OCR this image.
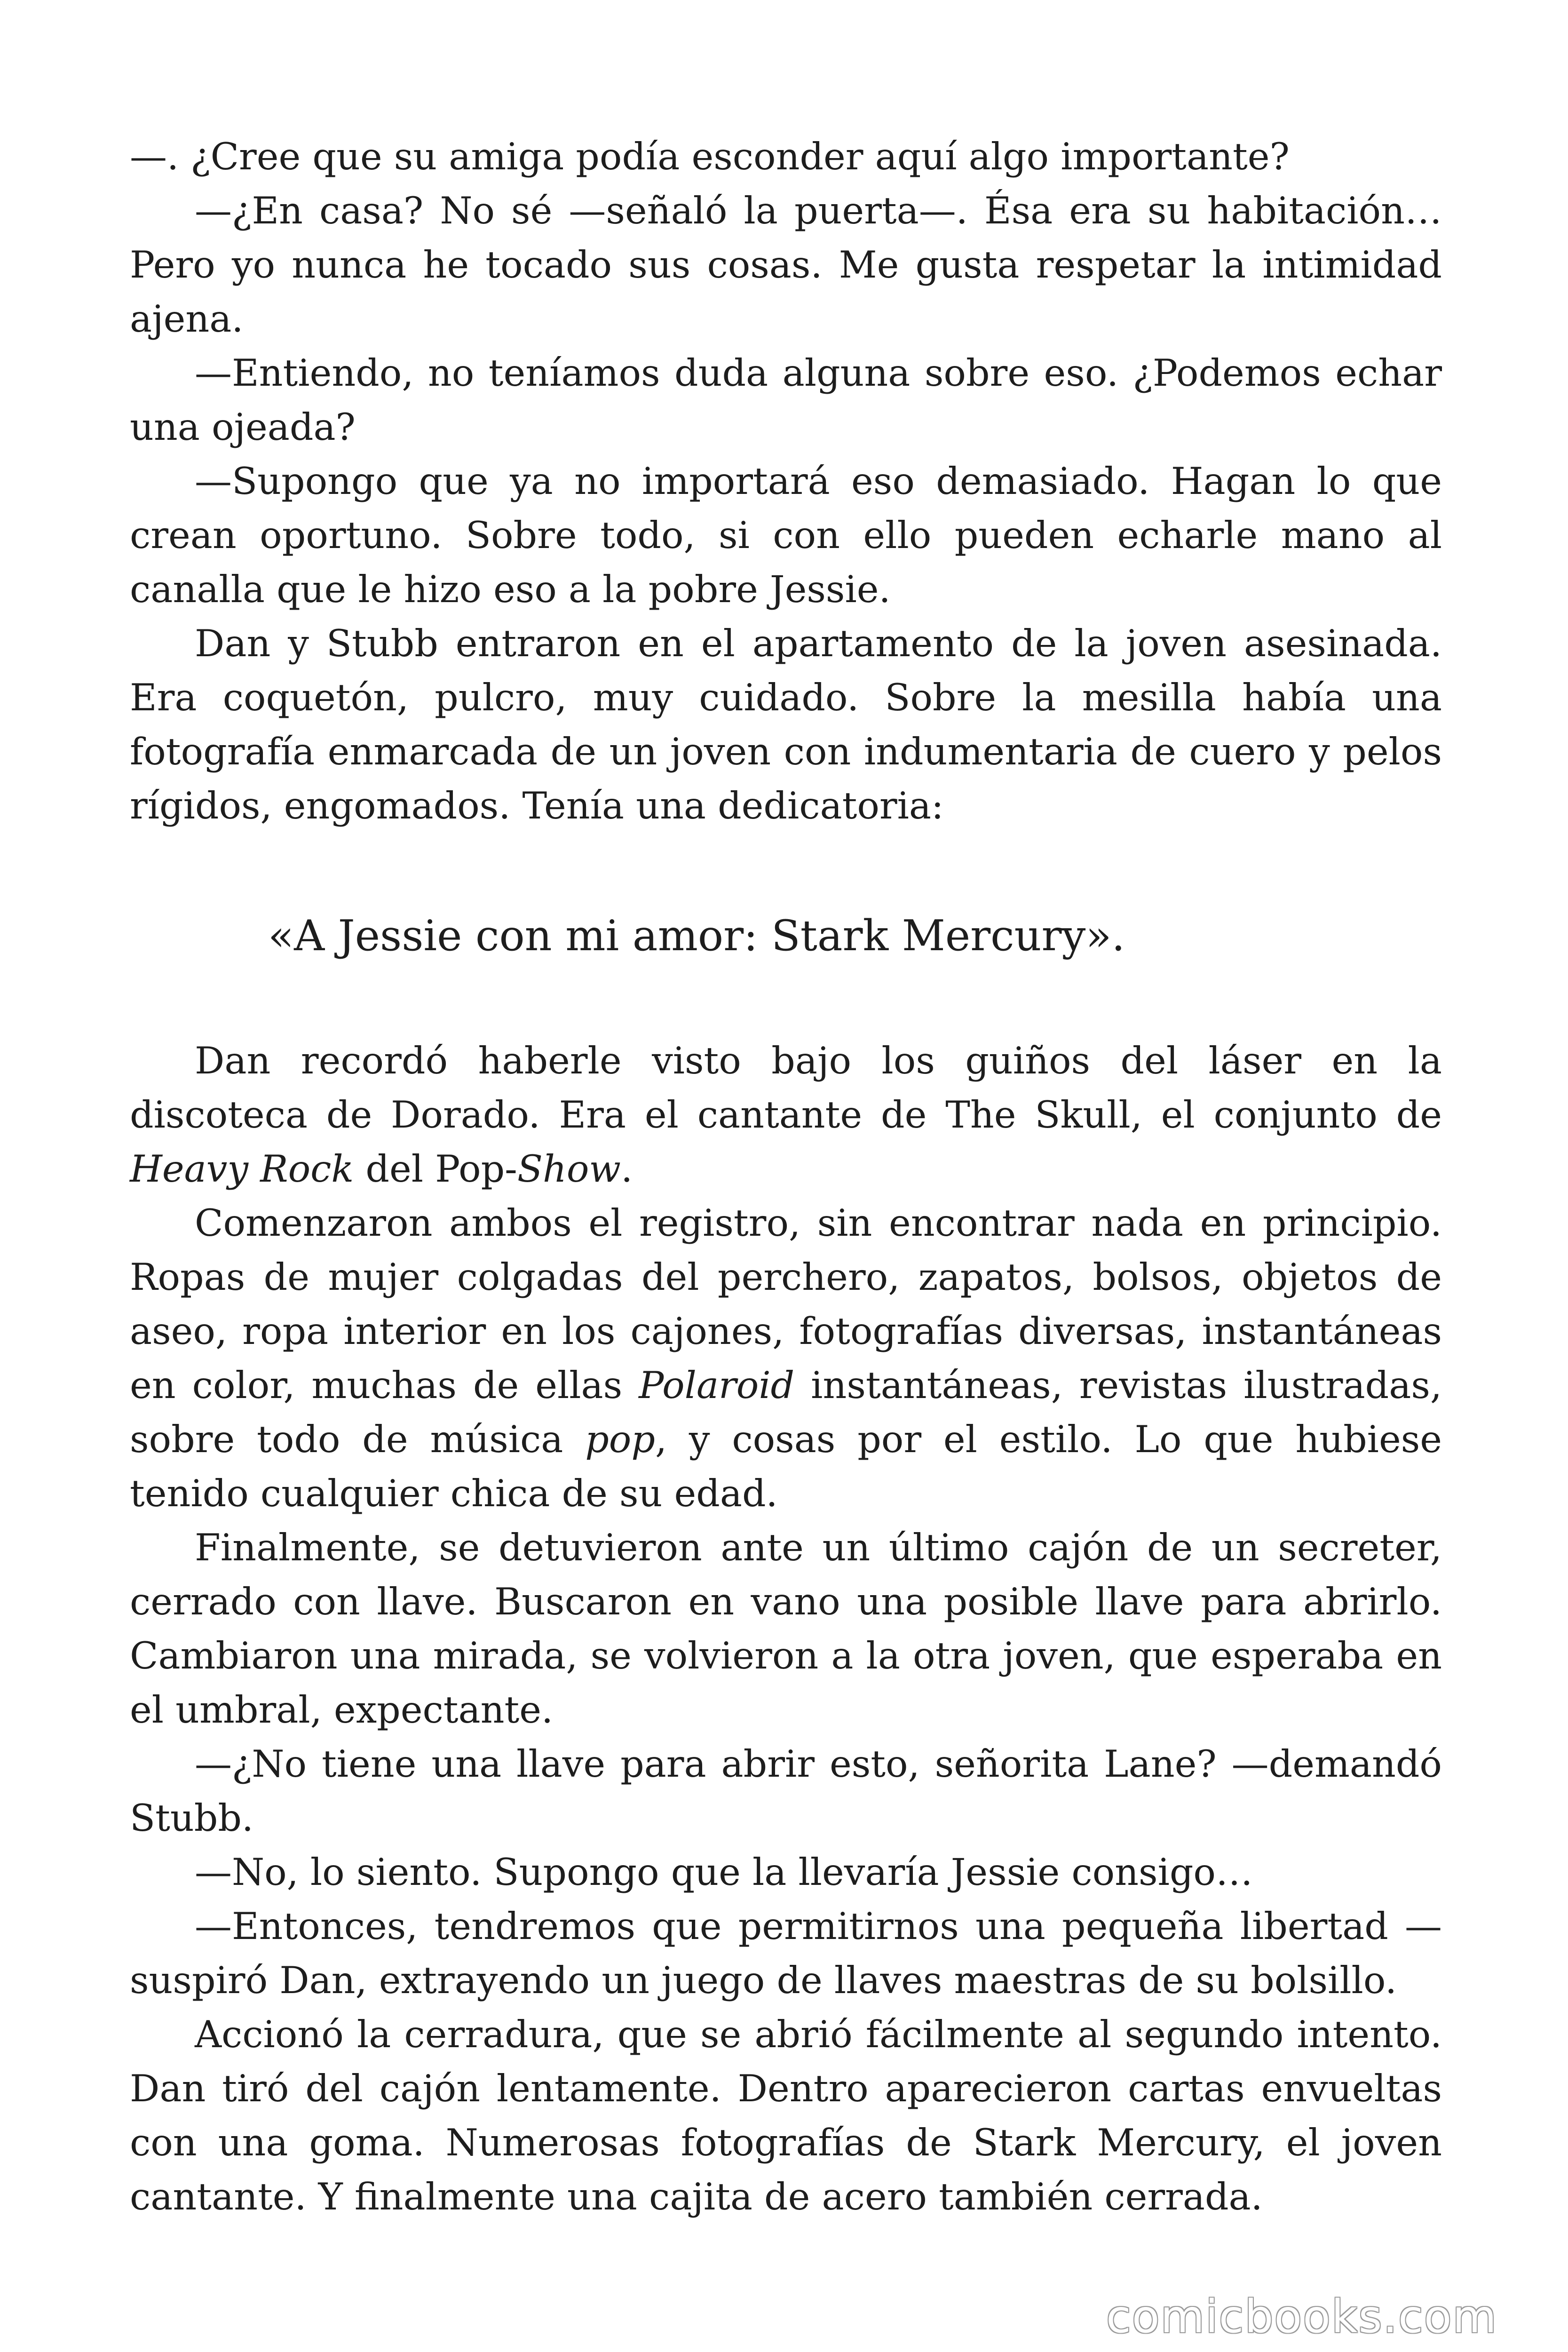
—. ¿Cree que su amiga podía esconder aquí algo importante?

—¿En casa? No sé —señaló la puerta—. Ésa era su habitación… Pero yo nunca he tocado sus cosas. Me gusta respetar la intimidad ajena.

—Entiendo, no teníamos duda alguna sobre eso. ¿Podemos echar una ojeada?

—Supongo que ya no importará eso demasiado. Hagan lo que crean oportuno. Sobre todo, si con ello pueden echarle mano al canalla que le hizo eso a la pobre Jessie.

Dan y Stubb entraron en el apartamento de la joven asesinada. Era coquetón, pulcro, muy cuidado. Sobre la mesilla había una fotografía enmarcada de un joven con indumentaria de cuero y pelos rígidos, engomados. Tenía una dedicatoria:

«A Jessie con mi amor: Stark Mercury».

Dan recordó haberle visto bajo los guiños del láser en la discoteca de Dorado. Era el cantante de The Skull, el conjunto de Heavy Rock del Pop-Show.

Comenzaron ambos el registro, sin encontrar nada en principio. Ropas de mujer colgadas del perchero, zapatos, bolsos, objetos de aseo, ropa interior en los cajones, fotografías diversas, instantáneas en color, muchas de ellas Polaroid instantáneas, revistas ilustradas, sobre todo de música pop, y cosas por el estilo. Lo que hubiese tenido cualquier chica de su edad.

Finalmente, se detuvieron ante un último cajón de un secreter, cerrado con llave. Buscaron en vano una posible llave para abrirlo. Cambiaron una mirada, se volvieron a la otra joven, que esperaba en el umbral, expectante.

—¿No tiene una llave para abrir esto, señorita Lane? —demandó Stubb.

—No, lo siento. Supongo que la llevaría Jessie consigo…

—Entonces, tendremos que permitirnos una pequeña libertad —suspiró Dan, extrayendo un juego de llaves maestras de su bolsillo.

Accionó la cerradura, que se abrió fácilmente al segundo intento. Dan tiró del cajón lentamente. Dentro aparecieron cartas envueltas con una goma. Numerosas fotografías de Stark Mercury, el joven cantante. Y finalmente una cajita de acero también cerrada.

comicbooks.com
